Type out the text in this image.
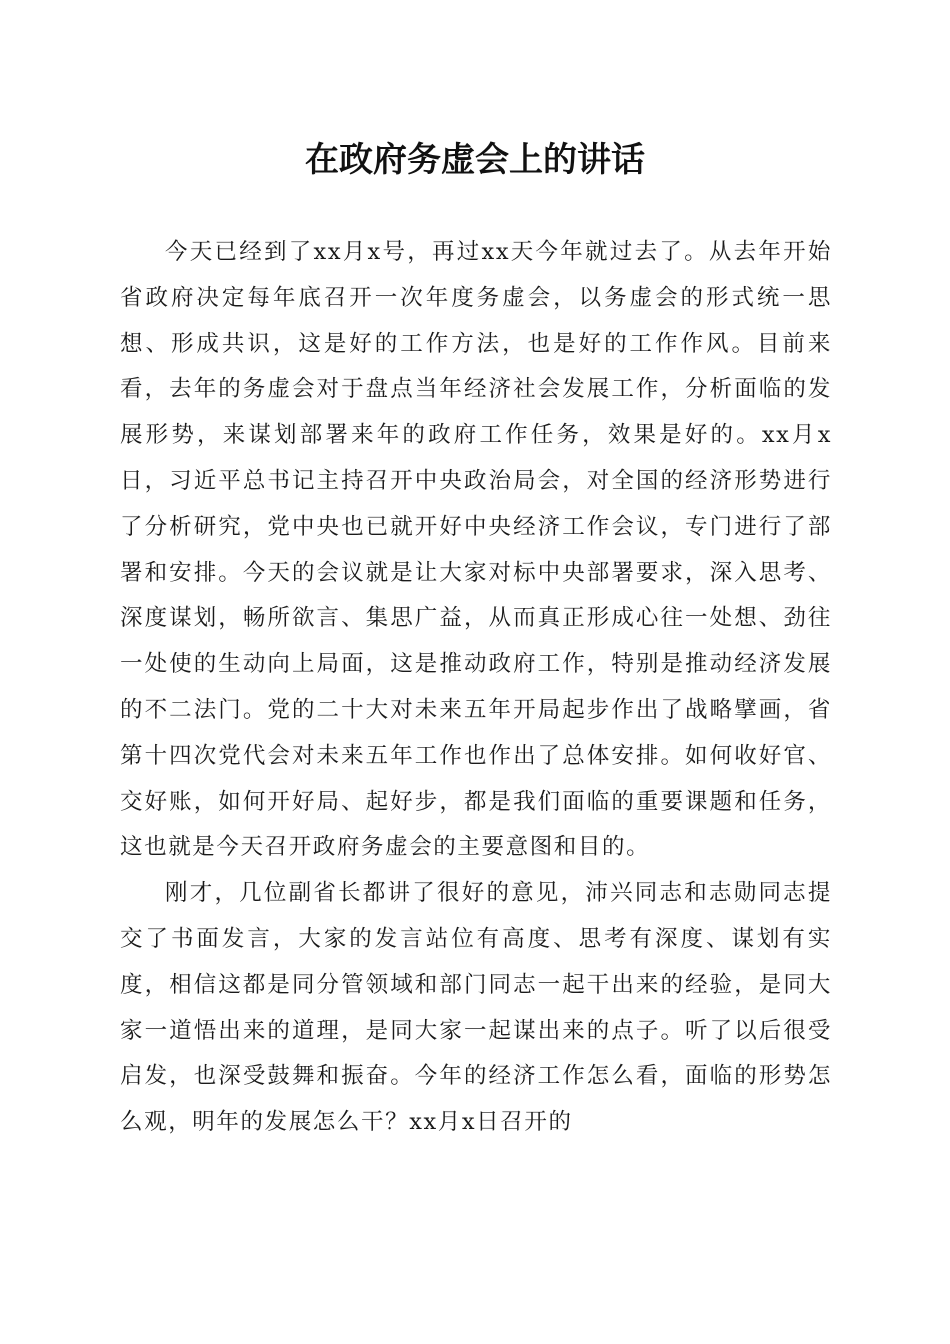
在政府务虚会上的讲话

今天已经到了xx月x号，再过xx天今年就过去了。从去年开始省政府决定每年底召开一次年度务虚会，以务虚会的形式统一思想、形成共识，这是好的工作方法，也是好的工作作风。目前来看，去年的务虚会对于盘点当年经济社会发展工作，分析面临的发展形势，来谋划部署来年的政府工作任务，效果是好的。xx月x日，习近平总书记主持召开中央政治局会，对全国的经济形势进行了分析研究，党中央也已就开好中央经济工作会议，专门进行了部署和安排。今天的会议就是让大家对标中央部署要求，深入思考、深度谋划，畅所欲言、集思广益，从而真正形成心往一处想、劲往一处使的生动向上局面，这是推动政府工作，特别是推动经济发展的不二法门。党的二十大对未来五年开局起步作出了战略擘画，省第十四次党代会对未来五年工作也作出了总体安排。如何收好官、交好账，如何开好局、起好步，都是我们面临的重要课题和任务，这也就是今天召开政府务虚会的主要意图和目的。

刚才，几位副省长都讲了很好的意见，沛兴同志和志勋同志提交了书面发言，大家的发言站位有高度、思考有深度、谋划有实度，相信这都是同分管领域和部门同志一起干出来的经验，是同大家一道悟出来的道理，是同大家一起谋出来的点子。听了以后很受启发，也深受鼓舞和振奋。今年的经济工作怎么看，面临的形势怎么观，明年的发展怎么干？xx月x日召开的
